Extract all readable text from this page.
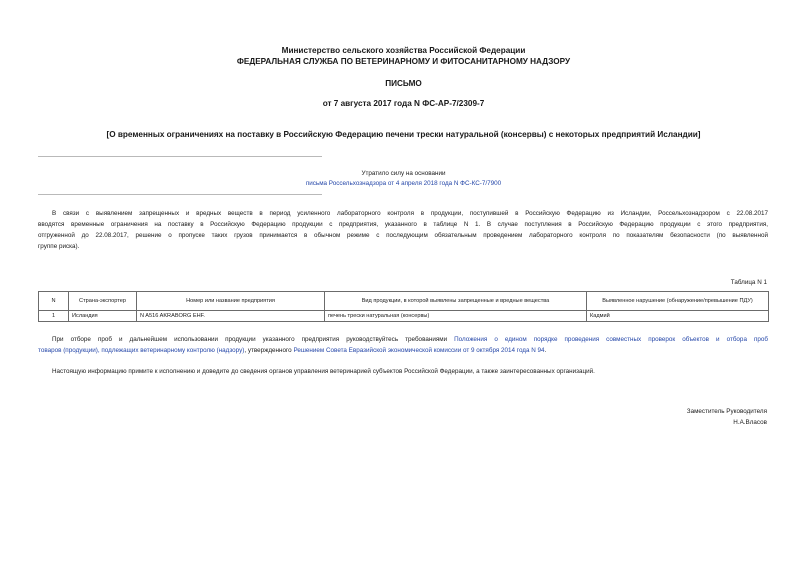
Министерство сельского хозяйства Российской Федерации
ФЕДЕРАЛЬНАЯ СЛУЖБА ПО ВЕТЕРИНАРНОМУ И ФИТОСАНИТАРНОМУ НАДЗОРУ
ПИСЬМО
от 7 августа 2017 года N ФС-АР-7/2309-7
[О временных ограничениях на поставку в Российскую Федерацию печени трески натуральной (консервы) с некоторых предприятий Исландии]
Утратило силу на основании
письма Россельхознадзора от 4 апреля 2018 года N ФС-КС-7/7900
В связи с выявлением запрещенных и вредных веществ в период усиленного лабораторного контроля в продукции, поступившей в Российскую Федерацию из Исландии, Россельхознадзором с 22.08.2017
вводятся временные ограничения на поставку в Российскую Федерацию продукции с предприятия, указанного в таблице N 1. В случае поступления в Российскую Федерацию продукции с этого предприятия,
отгруженной до 22.08.2017, решение о пропуске таких грузов принимается в обычном режиме с последующим обязательным проведением лабораторного контроля по показателям безопасности (по выявленной
группе риска).
Таблица N 1
N	Страна-экспортер	Номер или название предприятия	Вид продукции, в которой выявлены запрещенные и вредные вещества	Выявленное нарушение (обнаружение/превышение ПДУ)
1	Исландия	N A516 AKRABORG EHF.	печень трески натуральная (консервы)	Кадмий
При отборе проб и дальнейшем использовании продукции указанного предприятия руководствуйтесь требованиями Положения о едином порядке проведения совместных проверок объектов и отбора проб
товаров (продукции), подлежащих ветеринарному контролю (надзору), утвержденного Решением Совета Евразийской экономической комиссии от 9 октября 2014 года N 94.
Настоящую информацию примите к исполнению и доведите до сведения органов управления ветеринарией субъектов Российской Федерации, а также заинтересованных организаций.
Заместитель Руководителя
Н.А.Власов
